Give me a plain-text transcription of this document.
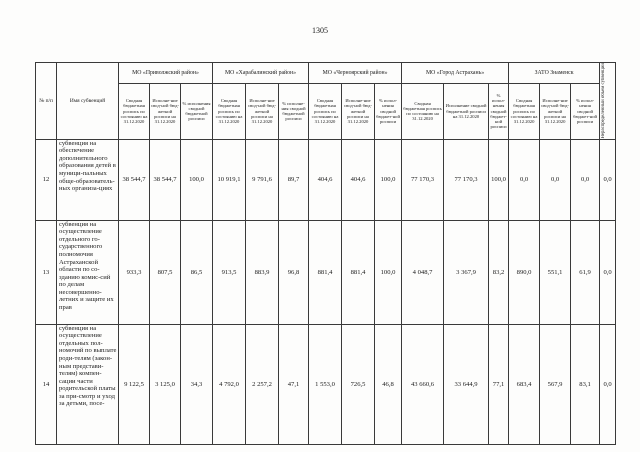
1305
№ п/п	Имя субвенций	МО «Приволжский район»			МО «Харабалинский район»			МО «Черноярский район»			МО «Город Астрахань»			ЗАТО Знаменск			Нераспределенный объем субвенции

		Сводная бюджетная роспись по состоянию на 31.12.2020	Исполне-ние свод-ной бюд-жетной росписи на 31.12.2020	% исполнения сводной бюджетной росписи	Сводная бюджетная роспись по состоянию на 31.12.2020	Исполне-ние свод-ной бюд-жетной росписи на 31.12.2020	% исполне-ния сводной бюджетной росписи	Сводная бюджетная роспись по состоянию на 31.12.2020	Исполне-ние свод-ной бюд-жетной росписи на 31.12.2020	% испол-нения сводной бюджет-ной росписи	Сводная бюджетная роспись по состоянию на 31.12.2020	Исполнение сводной бюджетной росписи на 31.12.2020	% испол-нения сводной бюджет-ной росписи	Сводная бюджетная роспись по состоянию на 31.12.2020	Исполне-ние свод-ной бюд-жетной росписи на 31.12.2020	% испол-нения сводной бюджет-ной росписи	
12	субвенция на обеспечение дополнительного образования детей в муници-пальных обще-образователь-ных организа-циях	38 544,7	38 544,7	100,0	10 919,1	9 791,6	89,7	404,6	404,6	100,0	77 170,3	77 170,3	100,0	0,0	0,0	0,0	0,0
13	субвенция на осуществление отдельного го-сударственного полномочия Астраханской области по со-зданию комис-сий по делам несовершенно-летних и защите их прав	933,3	807,5	86,5	913,5	883,9	96,8	881,4	881,4	100,0	4 048,7	3 367,9	83,2	890,0	551,1	61,9	0,0
14	субвенция на осуществление отдельных пол-номочий по выплате роди-телям (закон-ным представи-телям) компен-сации части родительской платы за при-смотр и уход за детьми, посе-	9 122,5	3 125,0	34,3	4 792,0	2 257,2	47,1	1 553,0	726,5	46,8	43 660,6	33 644,9	77,1	683,4	567,9	83,1	0,0
